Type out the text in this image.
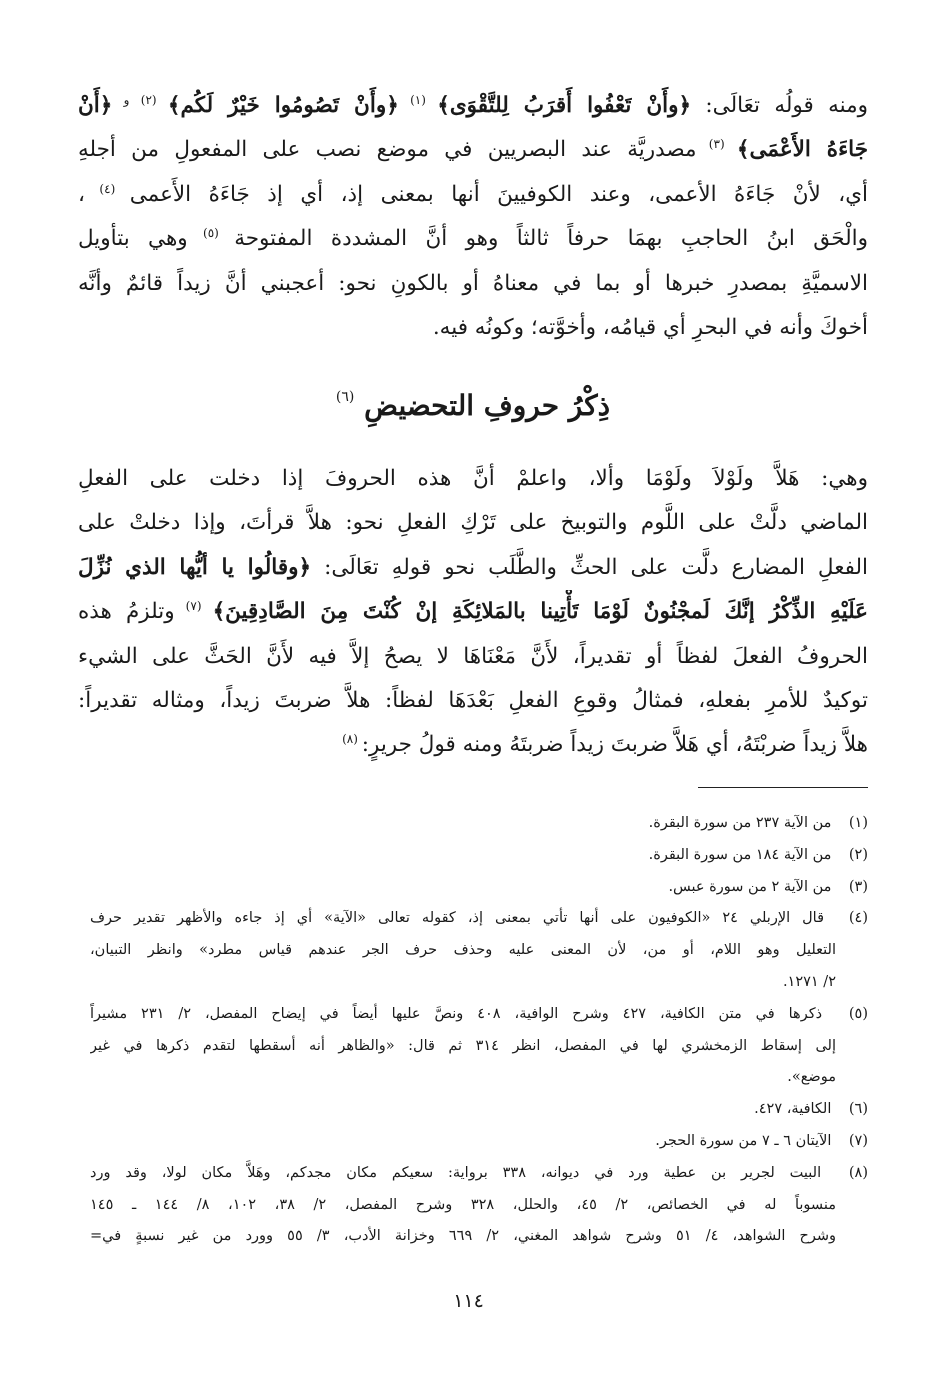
ومنه قولُه تعَالَى: ﴿وأَنْ تَعْفُوا أَقرَبُ لِلتَّقْوَى﴾ $^{(١)}$ ﴿وأَنْ تَصُومُوا خَيْرٌ لَكُم﴾ $^{(٢) و}$ ﴿أَنْ
جَاءَهُ الأَعْمَى﴾ $^{(٣)}$ مصدريَّة عند البصريين في موضع نصب على المفعولِ من أجلهِ
أي، لأنْ جَاءَهُ الأعمى، وعند الكوفيينَ أنها بمعنى إذ، أي إذ جَاءَهُ الأَعمى $^{(٤)}$ ،
والْحَق ابنُ الحاجبِ بهمَا حرفاً ثالثاً وهو أنَّ المشددة المفتوحة $^{(٥)}$ وهي بتأويل
الاسميَّةِ بمصدرِ خبرها أو بما في معناهُ أو بالكونِ نحو: أعجبني أنَّ زيداً قائمٌ وأنَّه
أخوكَ وأنه في البحرِ أي قيامُه، وأخوَّته؛ وكونُه فيه.
ذِكْرُ حروفِ التحضيضِ $^{(٦)}$
وهي: هَلاَّ ولَوْلاَ ولَوْمَا وألا، واعلمْ أنَّ هذه الحروفَ إذا دخلت على الفعلِ
الماضي دلَّتْ على اللَّوم والتوبيخ على تَرْكِ الفعلِ نحو: هلاَّ قرأتَ، وإذا دخلتْ على
الفعلِ المضارع دلَّت على الحثِّ والطَّلَب نحو قولهِ تعَالَى: ﴿وقالُوا يا أيُّها الذي نُزِّلَ
عَلَيْهِ الذِّكْرُ إنَّكَ لَمجْنُونٌ لَوْمَا تَأْتِينا بالمَلائِكَةِ إنْ كُنْتَ مِنَ الصَّادِقِينَ﴾ $^{(٧)}$ وتلزمُ هذه
الحروفُ الفعلَ لفظاً أو تقديراً، لأَنَّ مَعْنَاهَا لا يصحُ إلاَّ فيه لأَنَّ الحَثَّ على الشيء
توكيدٌ للأمرِ بفعلهِ، فمثالُ وقوعِ الفعلِ بَعْدَهَا لفظاً: هلاَّ ضربتَ زيداً، ومثاله تقديراً:
هلاَّ زيداً ضربْتَهُ، أي هَلاَّ ضربتَ زيداً ضربتَهُ ومنه قولُ جريرٍ: $^{(٨)}$
(١) من الآية ٢٣٧ من سورة البقرة.
(٢) من الآية ١٨٤ من سورة البقرة.
(٣) من الآية ٢ من سورة عبس.
(٤) قال الإربلي ٢٤ «الكوفيون على أنها تأتي بمعنى إذ، كقوله تعالى «الآية» أي إذ جاءه والأظهر تقدير حرف
التعليل وهو اللام، أو من، لأن المعنى عليه وحذف حرف الجر عندهم قياس مطرد» وانظر التبيان،
٢/ ١٢٧١.
(٥) ذكرها في متن الكافية، ٤٢٧ وشرح الوافية، ٤٠٨ ونصَّ عليها أيضاً في إيضاح المفصل، ٢/ ٢٣١ مشيراً
إلى إسقاط الزمخشري لها في المفصل، انظر ٣١٤ ثم قال: «والظاهر أنه أسقطها لتقدم ذكرها في غير
موضع».
(٦) الكافية، ٤٢٧.
(٧) الآيتان ٦ ـ ٧ من سورة الحجر.
(٨) البيت لجرير بن عطية ورد في ديوانه، ٣٣٨ برواية: سعيكم مكان مجدكم، وهَلاَّ مكان لولا، وقد ورد
منسوباً له في الخصائص، ٢/ ٤٥، والحلل، ٣٢٨ وشرح المفصل، ٢/ ٣٨، ١٠٢، ٨/ ١٤٤ ـ ١٤٥
وشرح الشواهد، ٤/ ٥١ وشرح شواهد المغني، ٢/ ٦٦٩ وخزانة الأدب، ٣/ ٥٥ وورد من غير نسبةٍ في=
١١٤
